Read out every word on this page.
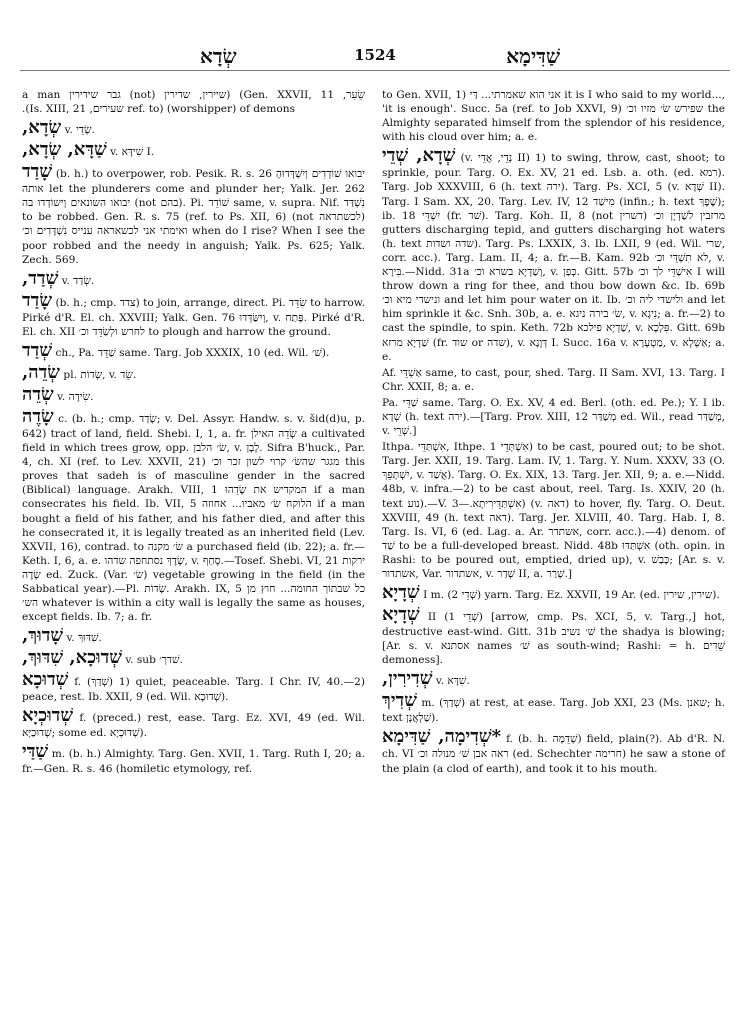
שְׂדָא	1524	שַׁדִּימָא

שֵׂעִר, Gen. XXVII, 11) (שיירין, שדירין (not) גבר שידירין a man (worshipper) of demons (ref. to שעירים, Is. XIII, 21).

שְׂדָא, v. שְׂדֵי.

שַׁדָּא, שְׂדָא, v. שִׁידָּא I.

שָׁדַד (b. h.) to overpower, rob. Pesik. R. s. 26 יבואו שׁוֹדְדִים וְיִשְׁדְּדוּהָ אותה let the plunderers come and plunder her; Yalk. Jer. 262 יבואו השונאים וְישוֹדְדוּ בה (not בהם). Pi. שׁוֹדֵד same, v. supra. Nif. נִשְׁדַּד to be robbed. Gen. R. s. 75 (ref. to Ps. XII, 6) (not לכשתראה) ואימתי אני לכשאראה ענייס נִשְׁדָּדִים וכ׳ when do I rise? When I see the poor robbed and the needy in anguish; Yalk. Ps. 625; Yalk. Zech. 569.

שְׁדַד, v. שְׂדַד.

שָׂדַד (b. h.; cmp. צדד) to join, arrange, direct. Pi. שִׂדֵּד to harrow. Pirké d'R. El. ch. XXVIII; Yalk. Gen. 76 וְיִשַּׂדְּדוּ, v. פָּתַח. Pirké d'R. El. ch. XII לחרש ולְשַׂדֵּד וכ׳ to plough and harrow the ground.

שְׁדַד ch., Pa. שַׁדֵּד same. Targ. Job XXXIX, 10 (ed. Wil. שׁ׳).

שְׂדֵה, pl. שְׂדוֹת, v. שֵׂד.

שְׂדֵה v. שִׂידָה.

שָׂדֶה c. (b. h.; cmp. שָׂדַד; v. Del. Assyr. Handw. s. v. šid(d)u, p. 642) tract of land, field. Shebi. I, 1, a. fr. שְׂדֵה האילן a cultivated field in which trees grow, opp. שׂ׳ הלבן, v. לָבָן. Sifra B'huck., Par. 4, ch. XI (ref. to Lev. XXVII, 21) מגגר שהשׂ׳ קרוי לשון זכר וכ׳ this proves that sadeh is of masculine gender in the sacred (Biblical) language. Arakh. VIII, 1 המקדיש את שָׂדֵהוּ if a man consecrates his field. Ib. VII, 5 הלוקח שׂ׳ מאביו... אחוזה if a man bought a field of his father, and his father died, and after this he consecrated it, it is legally treated as an inherited field (Lev. XXVII, 16), contrad. to שׂ׳ מקנה a purchased field (ib. 22); a. fr.—Keth. I, 6, a. e. שָׂדֶךְ נסתחפה שדהו, v. סָחַף.—Tosef. Shebi. VI, 21 ירקות שָׂדֶה ed. Zuck. (Var. שׂ׳) vegetable growing in the field (in the Sabbatical year).—Pl. שָׂדוֹת. Arakh. IX, 5 כל שבתוך החומה... חוץ מן הש׳ whatever is within a city wall is legally the same as houses, except fields. Ib. 7; a. fr.

שָׁדוּךְ, v. שִׁדּוּךְ.

שְׁדוּכָא, שִׁדּוּךְ, v. sub שׁדך׳.

שְׁדוּכָא f. (שְׁדַךְ) 1) quiet, peaceable. Targ. I Chr. IV, 40.—2) peace, rest. Ib. XXII, 9 (ed. Wil. שְׁדוּכָא).

שְׁדוּכְיָא f. (preced.) rest, ease. Targ. Ez. XVI, 49 (ed. Wil. שְׁדוּכַיָּא; some ed. שְׁדוּכְיָא).

שַׁדַּי m. (b. h.) Almighty. Targ. Gen. XVII, 1. Targ. Ruth I, 20; a. fr.—Gen. R. s. 46 (homiletic etymology, ref.

to Gen. XVII, 1) אני הוא שאמרתי... דַּי it is I who said to my world..., 'it is enough'. Succ. 5a (ref. to Job XXVI, 9) שפירש שׂ׳ מזיו וכ׳ the Almighty separated himself from the splendor of his residence, with his cloud over him; a. e.

שְׁדָא, שְׁדֵי (v. נְדֵי, אֲדֵי II) 1) to swing, throw, cast, shoot; to sprinkle, pour. Targ. O. Ex. XV, 21 ed. Lsb. a. oth. (ed. רמא). Targ. Job XXXVIII, 6 (h. text ירה). Targ. Ps. XCI, 5 (v. שְׁדָא II). Targ. I Sam. XX, 20. Targ. Lev. IV, 12 מִישַׁד (infin.; h. text שֶׁפֶךְ); ib. 18 יִשְׁדֵּי (fr. שׁד). Targ. Koh. II, 8 (not דשרין) מרזבין לשַׁדְיָן וכ׳ gutters discharging tepid, and gutters discharging hot waters (h. text שדה ושדות). Targ. Ps. LXXIX, 3. Ib. LXII, 9 (ed. Wil. שרי, corr. acc.). Targ. Lam. II, 4; a. fr.—B. Kam. 92b לא תִשְׁדֵּי וכ׳, v. בִּירָא.—Nidd. 31a וְשַׁדְיָא בשרא וכ׳, v. כְּפַן. Gitt. 57b אִישַׁדֵּי לך וכ׳ I will throw down a ring for thee, and thou bow down &c. Ib. 69b ונישדי מיא וכ׳ and let him pour water on it. Ib. ולישדי ליה וכ׳ and let him sprinkle it &c. Snh. 30b, a. e. שׂ׳ בירה ניגא, v. נִיגָא; a. fr.—2) to cast the spindle, to spin. Keth. 72b שַׁדְיָא פילכא, v. פִּלְכָא. Gitt. 69b שַׁדְיָא מרזא (fr. שוד or שדה), v. דְּוָנָא I. Succ. 16a v. מַטְעָרָא, v. אַשְׁלָא; a. e.

Af. אַשְׁדֵּי same, to cast, pour, shed. Targ. II Sam. XVI, 13. Targ. I Chr. XXII, 8; a. e.

Pa. שַׁדֵּי same. Targ. O. Ex. XV, 4 ed. Berl. (oth. ed. Pe.); Y. I ib. שְׁדָא (h. text ירה).—[Targ. Prov. XIII, 12 מְשַׁדַּר ed. Wil., read מְשַׁדַּר, v. שְׁרֵי.]

Ithpa. אִשְׁתַּדֵּי, Ithpe. אִשְׁתְּדֵי 1) to be cast, poured out; to be shot. Targ. Jer. XXII, 19. Targ. Lam. IV, 1. Targ. Y. Num. XXXV, 33 (O. יִשְׁתָּפֵךְ, v. אֲשַׁד). Targ. O. Ex. XIX, 13. Targ. Jer. XII, 9; a. e.—Nidd. 48b, v. infra.—2) to be cast about, reel. Targ. Is. XXIV, 20 (h. text נוע).—V. אִשְׁתַּדֵּירִיתָא.—3) (v. דאה) to hover, fly. Targ. O. Deut. XXVIII, 49 (h. text דאה). Targ. Jer. XLVIII, 40. Targ. Hab. I, 8. Targ. Is. VI, 6 (ed. Lag. a. Ar. אשתדר, corr. acc.).—4) denom. of שַׁד to be a full-developed breast. Nidd. 48b אִשְׁתַּדּוּ (oth. opin. in Rashi: to be poured out, emptied, dried up), v. כָּבַשׁ; [Ar. s. v. אשתדור, Var. אשתדור, v. שְׁדַר II, a. שְׁרַר.]

שְׁדָיָא I m. (שְׁדֵי 2) yarn. Targ. Ez. XXVII, 19 Ar. (ed. שירין, שירין).

שְׁדָיָא II (שְׁדֵי 1) [arrow, cmp. Ps. XCI, 5, v. Targ.,] hot, destructive east-wind. Gitt. 31b שׁ׳ נשיב the shadya is blowing; [Ar. s. v. אסתנא names שׁ׳ as south-wind; Rashi: = h. שֵׁדִים demoness].

שְׁדִירִין, v. שִׁדָּא.

שְׁדִיךְ m. (שְׁדַךְ) at rest, at ease. Targ. Job XXI, 23 (Ms. שאנן; h. text שַׁלְאֲנָן).

*שְׁדִימָה, שַׁדִּימָא f. (b. h. שְׁדֵמָה) field, plain(?). Ab d'R. N. ch. VI ראה אבן שׁ׳ מנולה וכ׳ (ed. Schechter חרימה) he saw a stone of the plain (a clod of earth), and took it to his mouth.
